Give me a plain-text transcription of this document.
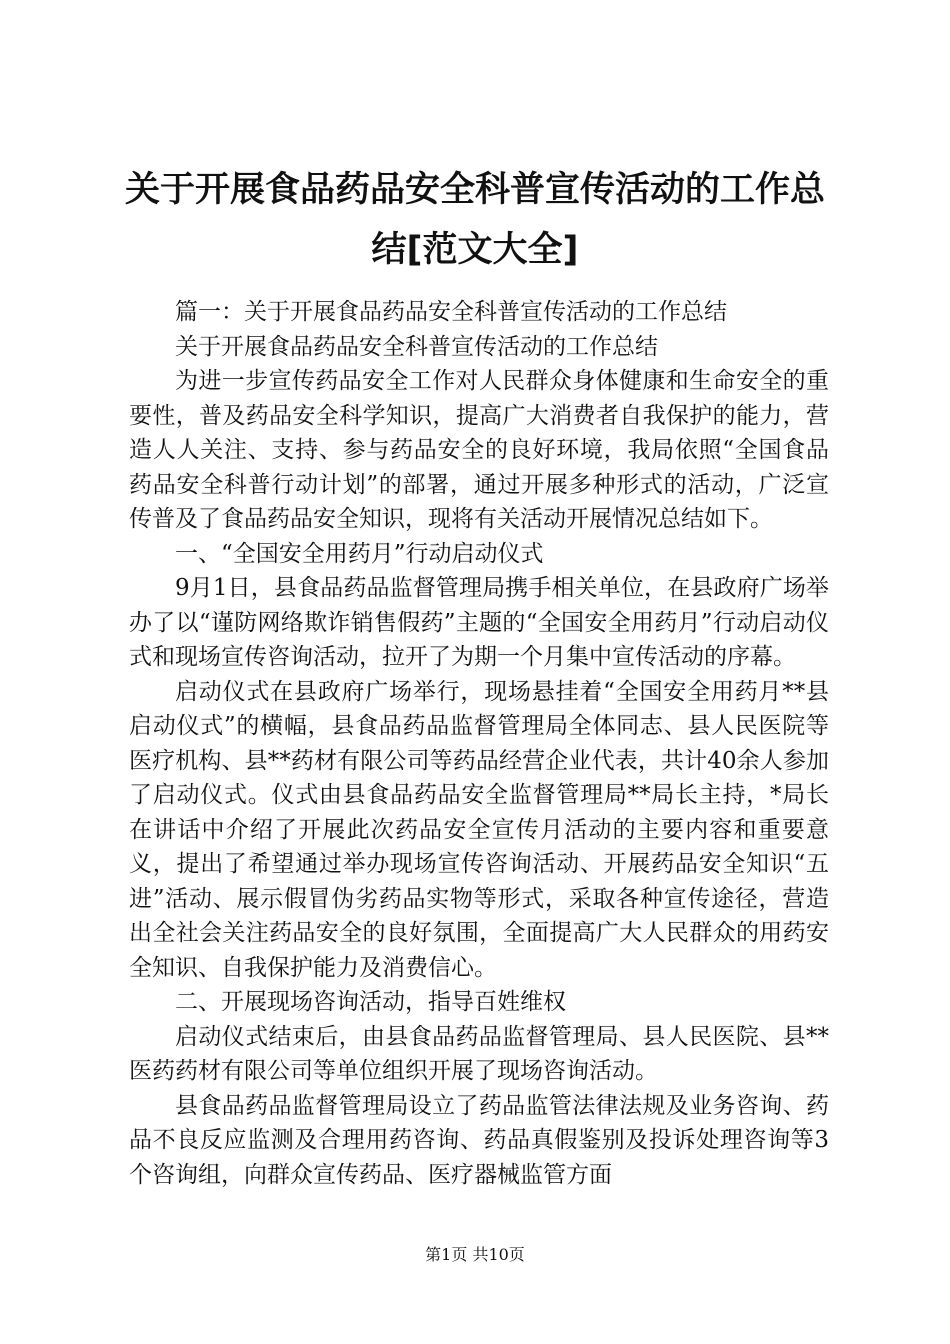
关于开展食品药品安全科普宣传活动的工作总
结[范文大全]

篇一：关于开展食品药品安全科普宣传活动的工作总结

关于开展食品药品安全科普宣传活动的工作总结

为进一步宣传药品安全工作对人民群众身体健康和生命安全的重要性，普及药品安全科学知识，提高广大消费者自我保护的能力，营造人人关注、支持、参与药品安全的良好环境，我局依照“全国食品药品安全科普行动计划”的部署，通过开展多种形式的活动，广泛宣传普及了食品药品安全知识，现将有关活动开展情况总结如下。

一、“全国安全用药月”行动启动仪式

9月1日，县食品药品监督管理局携手相关单位，在县政府广场举办了以“谨防网络欺诈销售假药”主题的“全国安全用药月”行动启动仪式和现场宣传咨询活动，拉开了为期一个月集中宣传活动的序幕。

启动仪式在县政府广场举行，现场悬挂着“全国安全用药月**县启动仪式”的横幅，县食品药品监督管理局全体同志、县人民医院等医疗机构、县**药材有限公司等药品经营企业代表，共计40余人参加了启动仪式。仪式由县食品药品安全监督管理局**局长主持，*局长在讲话中介绍了开展此次药品安全宣传月活动的主要内容和重要意义，提出了希望通过举办现场宣传咨询活动、开展药品安全知识“五进”活动、展示假冒伪劣药品实物等形式，采取各种宣传途径，营造出全社会关注药品安全的良好氛围，全面提高广大人民群众的用药安全知识、自我保护能力及消费信心。

二、开展现场咨询活动，指导百姓维权

启动仪式结束后，由县食品药品监督管理局、县人民医院、县**医药药材有限公司等单位组织开展了现场咨询活动。

县食品药品监督管理局设立了药品监管法律法规及业务咨询、药品不良反应监测及合理用药咨询、药品真假鉴别及投诉处理咨询等3个咨询组，向群众宣传药品、医疗器械监管方面

第1页 共10页
